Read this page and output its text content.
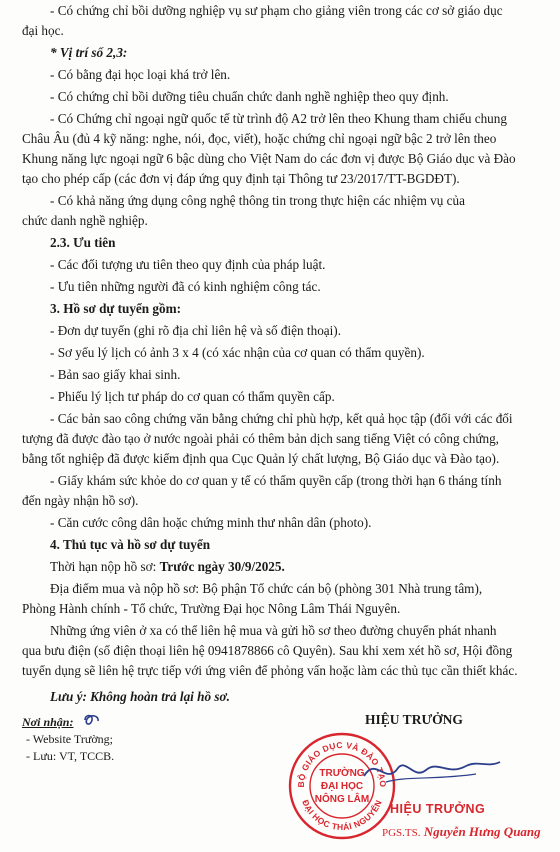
- Có chứng chỉ bồi dưỡng nghiệp vụ sư phạm cho giảng viên trong các cơ sở giáo dục
đại học.
* Vị trí số 2,3:
- Có bằng đại học loại khá trở lên.
- Có chứng chỉ bồi dưỡng tiêu chuẩn chức danh nghề nghiệp theo quy định.
- Có Chứng chỉ ngoại ngữ quốc tế từ trình độ A2 trở lên theo Khung tham chiếu chung
Châu Âu (đủ 4 kỹ năng: nghe, nói, đọc, viết), hoặc chứng chỉ ngoại ngữ bậc 2 trở lên theo
Khung năng lực ngoại ngữ 6 bậc dùng cho Việt Nam do các đơn vị được Bộ Giáo dục và Đào
tạo cho phép cấp (các đơn vị đáp ứng quy định tại Thông tư 23/2017/TT-BGDĐT).
- Có khả năng ứng dụng công nghệ thông tin trong thực hiện các nhiệm vụ của
chức danh nghề nghiệp.
2.3. Ưu tiên
- Các đối tượng ưu tiên theo quy định của pháp luật.
- Ưu tiên những người đã có kinh nghiệm công tác.
3. Hồ sơ dự tuyển gồm:
- Đơn dự tuyển (ghi rõ địa chỉ liên hệ và số điện thoại).
- Sơ yếu lý lịch có ảnh 3 x 4 (có xác nhận của cơ quan có thẩm quyền).
- Bản sao giấy khai sinh.
- Phiếu lý lịch tư pháp do cơ quan có thẩm quyền cấp.
- Các bản sao công chứng văn bằng chứng chỉ phù hợp, kết quả học tập (đối với các đối
tượng đã được đào tạo ở nước ngoài phải có thêm bản dịch sang tiếng Việt có công chứng,
bằng tốt nghiệp đã được kiểm định qua Cục Quản lý chất lượng, Bộ Giáo dục và Đào tạo).
- Giấy khám sức khỏe do cơ quan y tế có thẩm quyền cấp (trong thời hạn 6 tháng tính
đến ngày nhận hồ sơ).
- Căn cước công dân hoặc chứng minh thư nhân dân (photo).
4. Thủ tục và hồ sơ dự tuyển
Thời hạn nộp hồ sơ: Trước ngày 30/9/2025.
Địa điểm mua và nộp hồ sơ: Bộ phận Tổ chức cán bộ (phòng 301 Nhà trung tâm),
Phòng Hành chính - Tổ chức, Trường Đại học Nông Lâm Thái Nguyên.
Những ứng viên ở xa có thể liên hệ mua và gửi hồ sơ theo đường chuyển phát nhanh
qua bưu điện (số điện thoại liên hệ 0941878866 cô Quyên). Sau khi xem xét hồ sơ, Hội đồng
tuyển dụng sẽ liên hệ trực tiếp với ứng viên để phỏng vấn hoặc làm các thủ tục cần thiết khác.
Lưu ý: Không hoàn trả lại hồ sơ.
Nơi nhận:
- Website Trường;
- Lưu: VT, TCCB.
HIỆU TRƯỞNG
BỘ GIÁO DỤC VÀ ĐÀO TẠO
ĐẠI HỌC THÁI NGUYÊN
TRƯỜNG
ĐẠI HỌC
NÔNG LÂM
HIỆU TRƯỞNG
PGS.TS. Nguyễn Hưng Quang
